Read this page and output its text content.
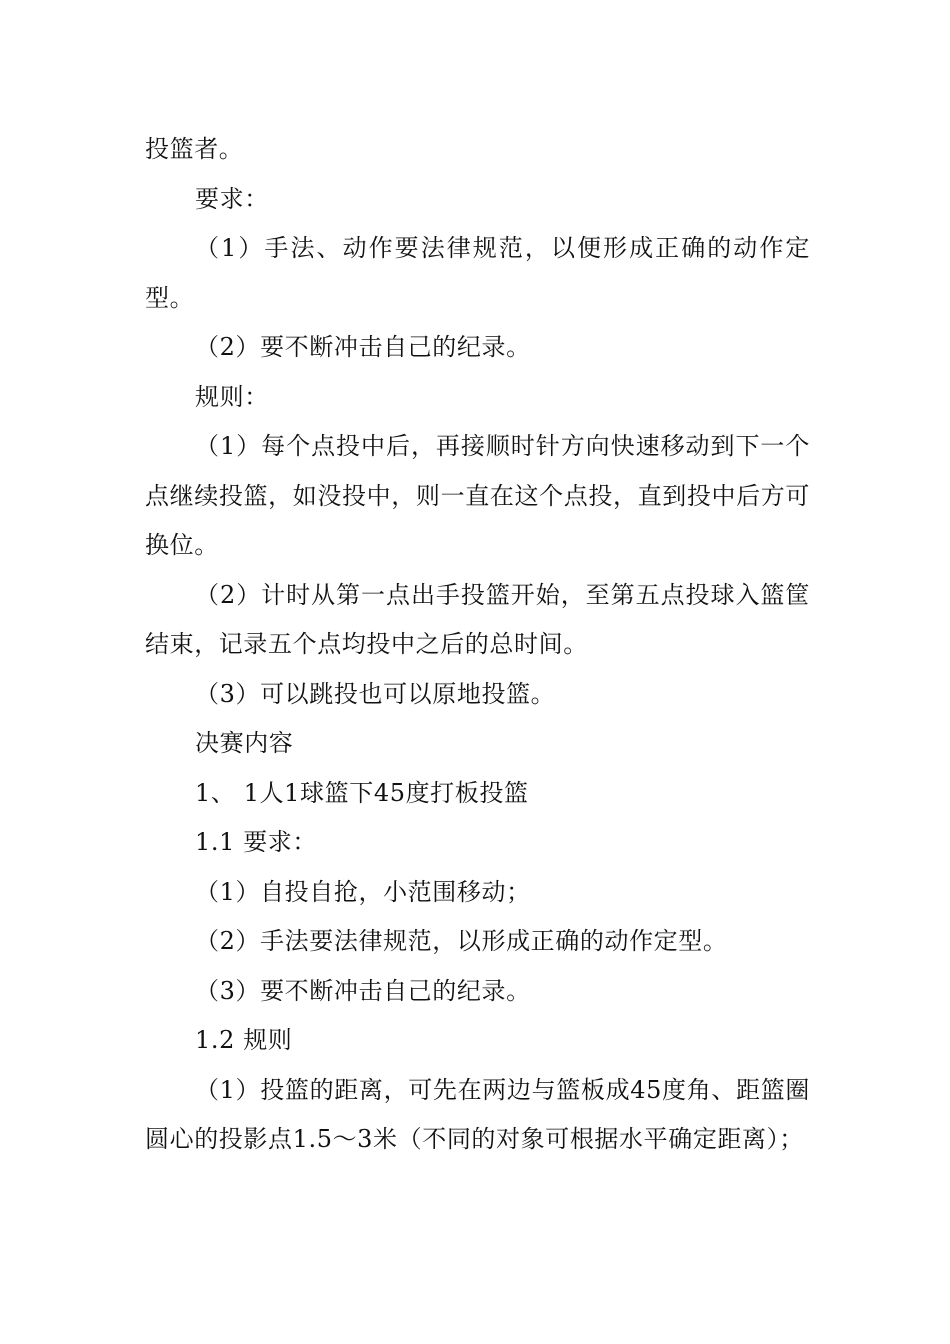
投篮者。

要求：

（1）手法、动作要法律规范，以便形成正确的动作定型。

（2）要不断冲击自己的纪录。

规则：

（1）每个点投中后，再接顺时针方向快速移动到下一个点继续投篮，如没投中，则一直在这个点投，直到投中后方可换位。

（2）计时从第一点出手投篮开始，至第五点投球入篮筐结束，记录五个点均投中之后的总时间。

（3）可以跳投也可以原地投篮。

决赛内容

1、 1人1球篮下45度打板投篮

1.1 要求：

（1）自投自抢，小范围移动；

（2）手法要法律规范，以形成正确的动作定型。

（3）要不断冲击自己的纪录。

1.2 规则

（1）投篮的距离，可先在两边与篮板成45度角、距篮圈圆心的投影点1.5～3米（不同的对象可根据水平确定距离）；
